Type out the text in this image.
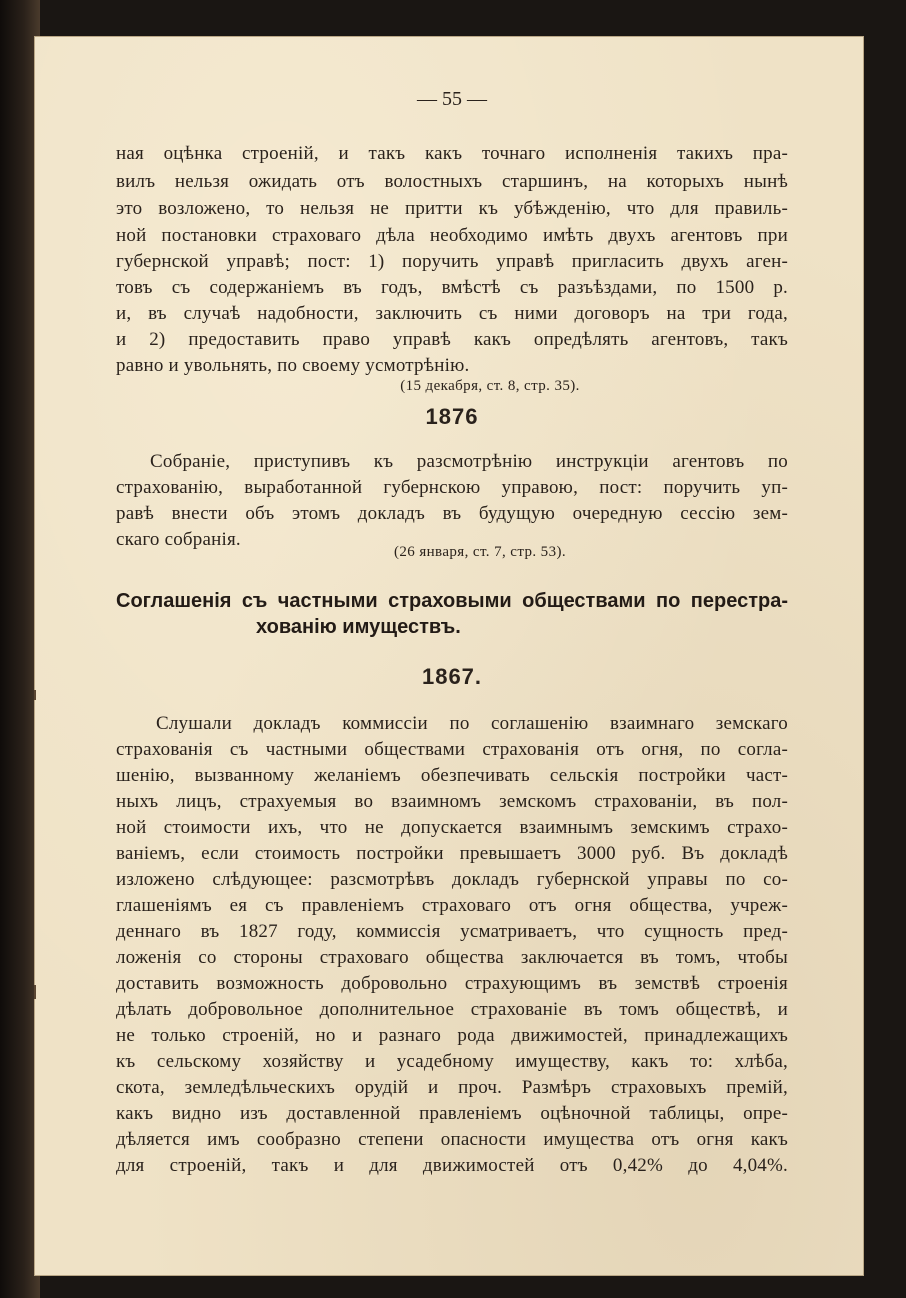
— 55 —
ная оцѣнка строеній, и такъ какъ точнаго исполненія такихъ пра-
вилъ нельзя ожидать отъ волостныхъ старшинъ, на которыхъ нынѣ
это возложено, то нельзя не притти къ убѣжденію, что для правиль-
ной постановки страховаго дѣла необходимо имѣть двухъ агентовъ при
губернской управѣ; пост: 1) поручить управѣ пригласить двухъ аген-
товъ съ содержаніемъ въ годъ, вмѣстѣ съ разъѣздами, по 1500 р.
и, въ случаѣ надобности, заключить съ ними договоръ на три года,
и 2) предоставить право управѣ какъ опредѣлять агентовъ, такъ
равно и увольнять, по своему усмотрѣнію.
(15 декабря, ст. 8, стр. 35).
1876
Собраніе, приступивъ къ разсмотрѣнію инструкціи агентовъ по
страхованію, выработанной губернскою управою, пост: поручить уп-
равѣ внести объ этомъ докладъ въ будущую очередную сессію зем-
скаго собранія.
(26 января, ст. 7, стр. 53).
Соглашенія съ частными страховыми обществами по перестра-
хованію имуществъ.
1867.
Слушали докладъ коммиссіи по соглашенію взаимнаго земскаго
страхованія съ частными обществами страхованія отъ огня, по согла-
шенію, вызванному желаніемъ обезпечивать сельскія постройки част-
ныхъ лицъ, страхуемыя во взаимномъ земскомъ страхованіи, въ пол-
ной стоимости ихъ, что не допускается взаимнымъ земскимъ страхо-
ваніемъ, если стоимость постройки превышаетъ 3000 руб. Въ докладѣ
изложено слѣдующее: разсмотрѣвъ докладъ губернской управы по со-
глашеніямъ ея съ правленіемъ страховаго отъ огня общества, учреж-
деннаго въ 1827 году, коммиссія усматриваетъ, что сущность пред-
ложенія со стороны страховаго общества заключается въ томъ, чтобы
доставить возможность добровольно страхующимъ въ земствѣ строенія
дѣлать добровольное дополнительное страхованіе въ томъ обществѣ, и
не только строеній, но и разнаго рода движимостей, принадлежащихъ
къ сельскому хозяйству и усадебному имуществу, какъ то: хлѣба,
скота, земледѣльческихъ орудій и проч. Размѣръ страховыхъ премій,
какъ видно изъ доставленной правленіемъ оцѣночной таблицы, опре-
дѣляется имъ сообразно степени опасности имущества отъ огня какъ
для строеній, такъ и для движимостей отъ 0,42% до 4,04%.
